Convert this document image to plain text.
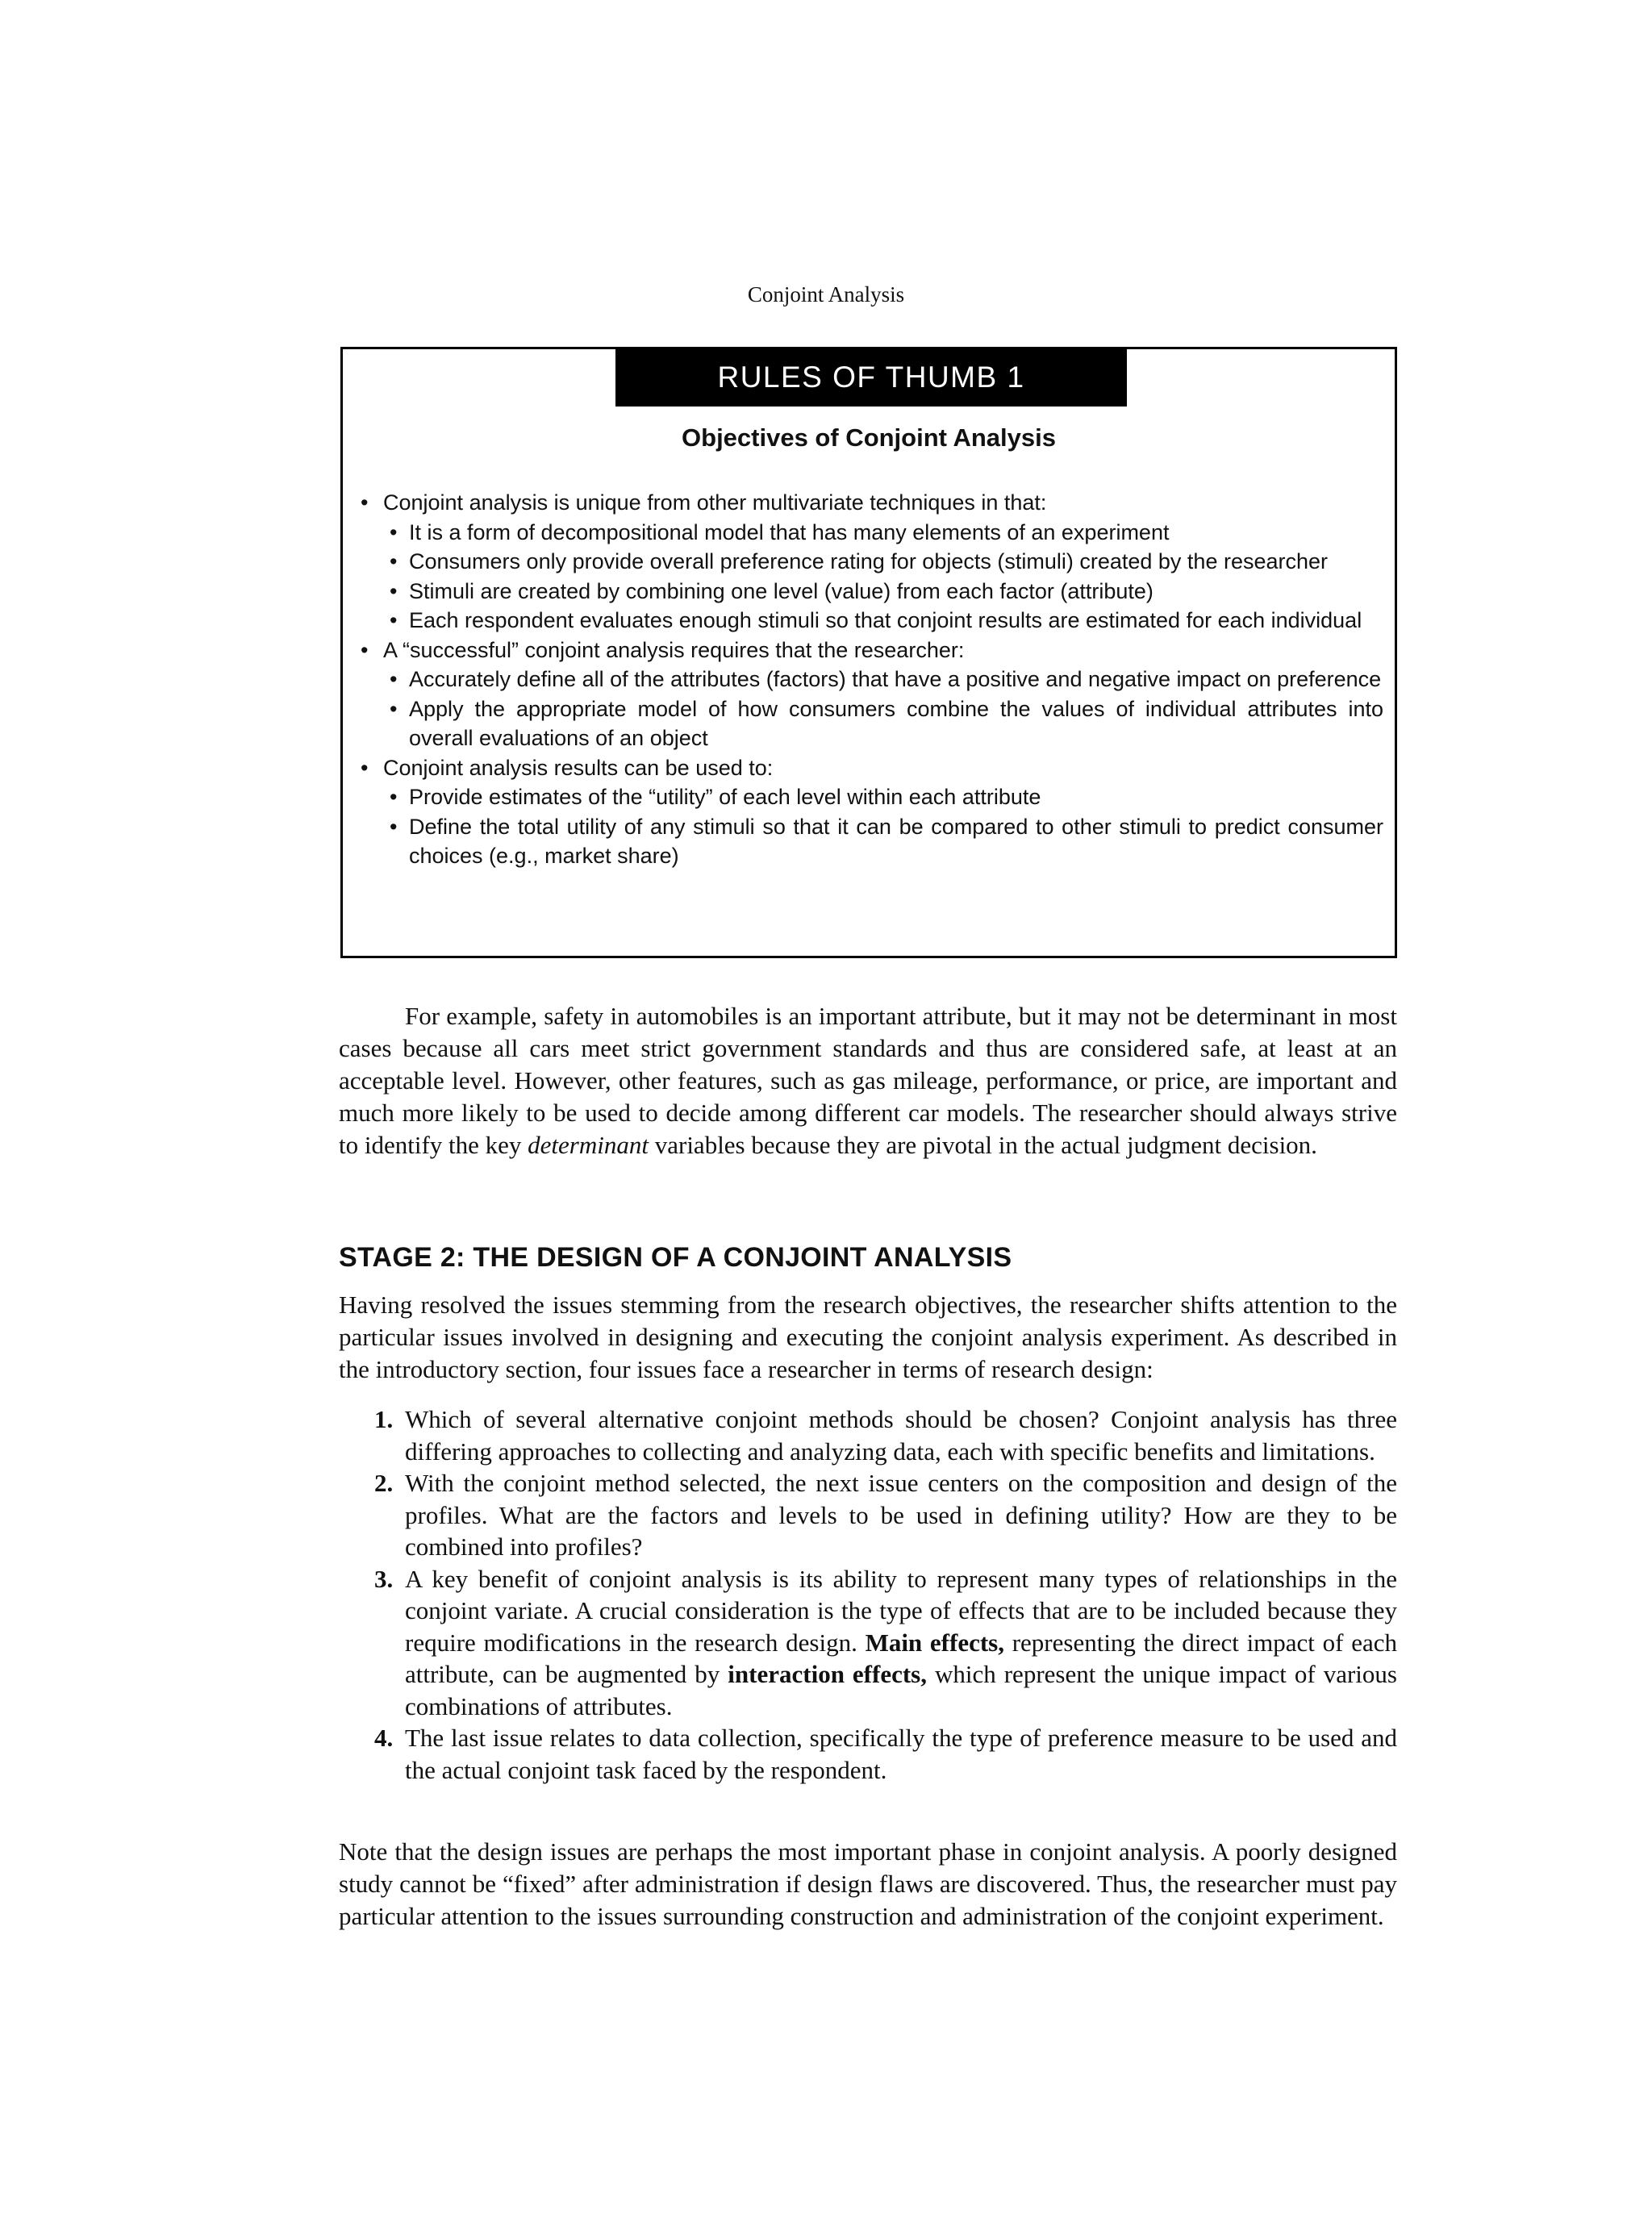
Conjoint Analysis
RULES OF THUMB 1
Objectives of Conjoint Analysis
• Conjoint analysis is unique from other multivariate techniques in that:
• It is a form of decompositional model that has many elements of an experiment
• Consumers only provide overall preference rating for objects (stimuli) created by the researcher
• Stimuli are created by combining one level (value) from each factor (attribute)
• Each respondent evaluates enough stimuli so that conjoint results are estimated for each individual
• A “successful” conjoint analysis requires that the researcher:
• Accurately define all of the attributes (factors) that have a positive and negative impact on preference
• Apply the appropriate model of how consumers combine the values of individual attributes into overall evaluations of an object
• Conjoint analysis results can be used to:
• Provide estimates of the “utility” of each level within each attribute
• Define the total utility of any stimuli so that it can be compared to other stimuli to predict consumer choices (e.g., market share)

For example, safety in automobiles is an important attribute, but it may not be determinant in most cases because all cars meet strict government standards and thus are considered safe, at least at an acceptable level. However, other features, such as gas mileage, performance, or price, are important and much more likely to be used to decide among different car models. The researcher should always strive to identify the key determinant variables because they are pivotal in the actual judgment decision.

STAGE 2: THE DESIGN OF A CONJOINT ANALYSIS

Having resolved the issues stemming from the research objectives, the researcher shifts attention to the particular issues involved in designing and executing the conjoint analysis experiment. As described in the introductory section, four issues face a researcher in terms of research design:

1. Which of several alternative conjoint methods should be chosen? Conjoint analysis has three differing approaches to collecting and analyzing data, each with specific benefits and limitations.
2. With the conjoint method selected, the next issue centers on the composition and design of the profiles. What are the factors and levels to be used in defining utility? How are they to be combined into profiles?
3. A key benefit of conjoint analysis is its ability to represent many types of relationships in the conjoint variate. A crucial consideration is the type of effects that are to be included because they require modifications in the research design. Main effects, representing the direct impact of each attribute, can be augmented by interaction effects, which represent the unique impact of various combinations of attributes.
4. The last issue relates to data collection, specifically the type of preference measure to be used and the actual conjoint task faced by the respondent.

Note that the design issues are perhaps the most important phase in conjoint analysis. A poorly designed study cannot be “fixed” after administration if design flaws are discovered. Thus, the researcher must pay particular attention to the issues surrounding construction and administration of the conjoint experiment.
